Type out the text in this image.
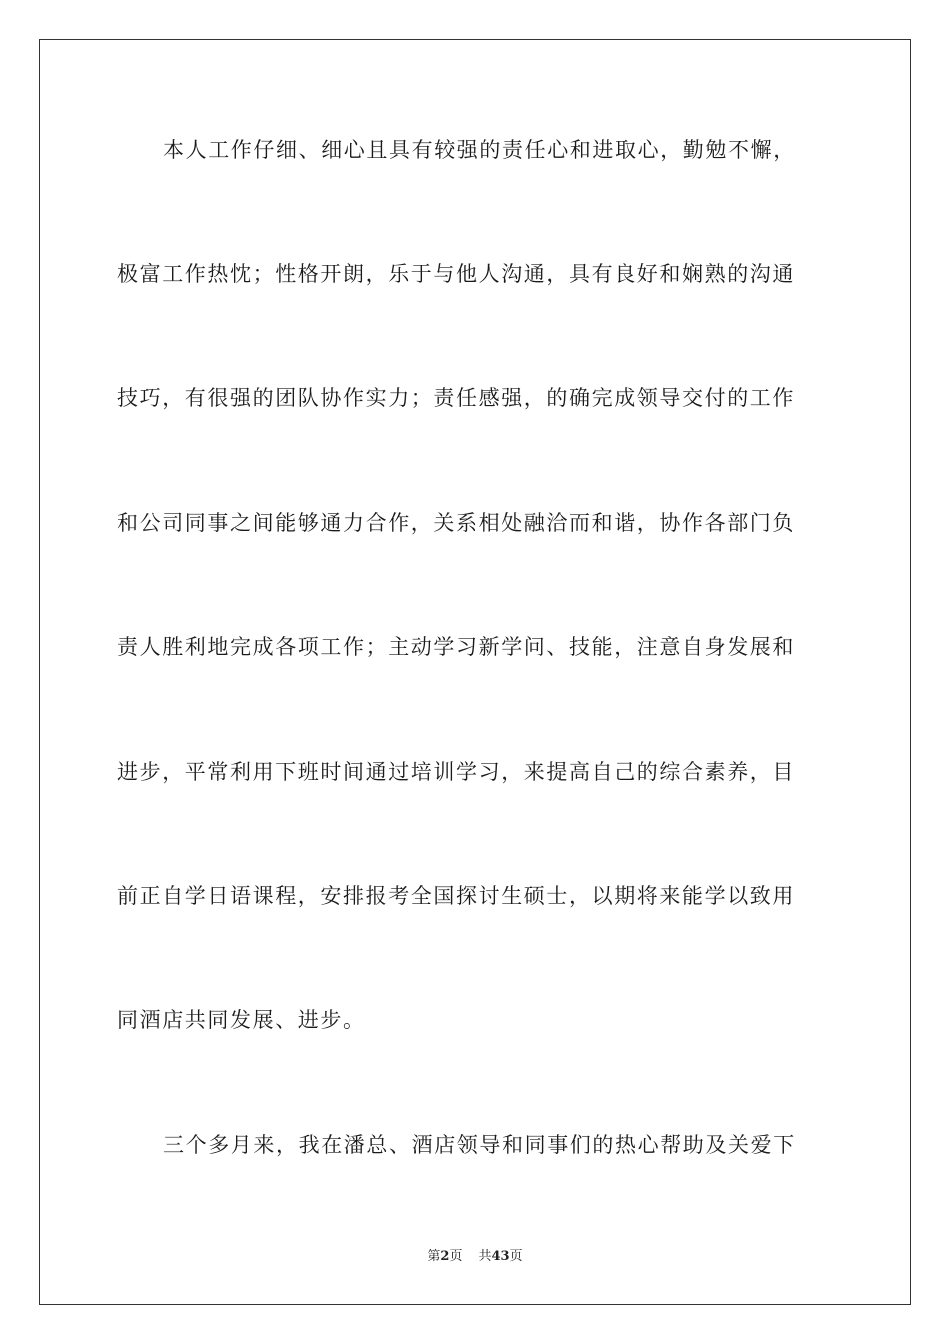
本人工作仔细、细心且具有较强的责任心和进取心，勤勉不懈，
极富工作热忱；性格开朗，乐于与他人沟通，具有良好和娴熟的沟通
技巧，有很强的团队协作实力；责任感强，的确完成领导交付的工作
和公司同事之间能够通力合作，关系相处融洽而和谐，协作各部门负
责人胜利地完成各项工作；主动学习新学问、技能，注意自身发展和
进步，平常利用下班时间通过培训学习，来提高自己的综合素养，目
前正自学日语课程，安排报考全国探讨生硕士，以期将来能学以致用
同酒店共同发展、进步。
三个多月来，我在潘总、酒店领导和同事们的热心帮助及关爱下
第2页 共43页
